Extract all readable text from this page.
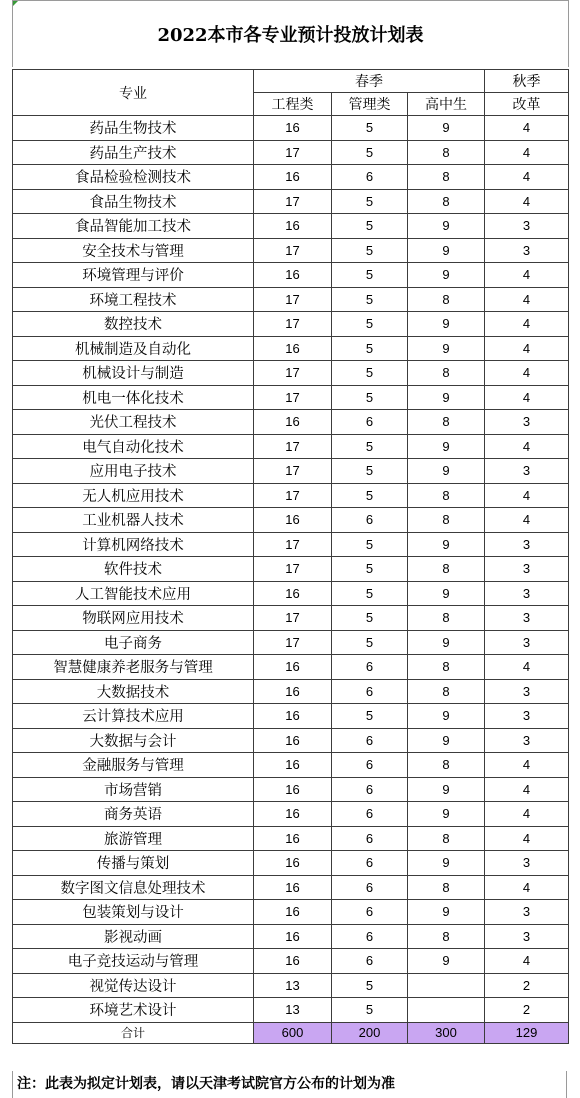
2022本市各专业预计投放计划表
专业	春季			秋季
	工程类	管理类	高中生	改革
药品生物技术	16	5	9	4
药品生产技术	17	5	8	4
食品检验检测技术	16	6	8	4
食品生物技术	17	5	8	4
食品智能加工技术	16	5	9	3
安全技术与管理	17	5	9	3
环境管理与评价	16	5	9	4
环境工程技术	17	5	8	4
数控技术	17	5	9	4
机械制造及自动化	16	5	9	4
机械设计与制造	17	5	8	4
机电一体化技术	17	5	9	4
光伏工程技术	16	6	8	3
电气自动化技术	17	5	9	4
应用电子技术	17	5	9	3
无人机应用技术	17	5	8	4
工业机器人技术	16	6	8	4
计算机网络技术	17	5	9	3
软件技术	17	5	8	3
人工智能技术应用	16	5	9	3
物联网应用技术	17	5	8	3
电子商务	17	5	9	3
智慧健康养老服务与管理	16	6	8	4
大数据技术	16	6	8	3
云计算技术应用	16	5	9	3
大数据与会计	16	6	9	3
金融服务与管理	16	6	8	4
市场营销	16	6	9	4
商务英语	16	6	9	4
旅游管理	16	6	8	4
传播与策划	16	6	9	3
数字图文信息处理技术	16	6	8	4
包装策划与设计	16	6	9	3
影视动画	16	6	8	3
电子竞技运动与管理	16	6	9	4
视觉传达设计	13	5		2
环境艺术设计	13	5		2
合计	600	200	300	129
注：此表为拟定计划表，请以天津考试院官方公布的计划为准
